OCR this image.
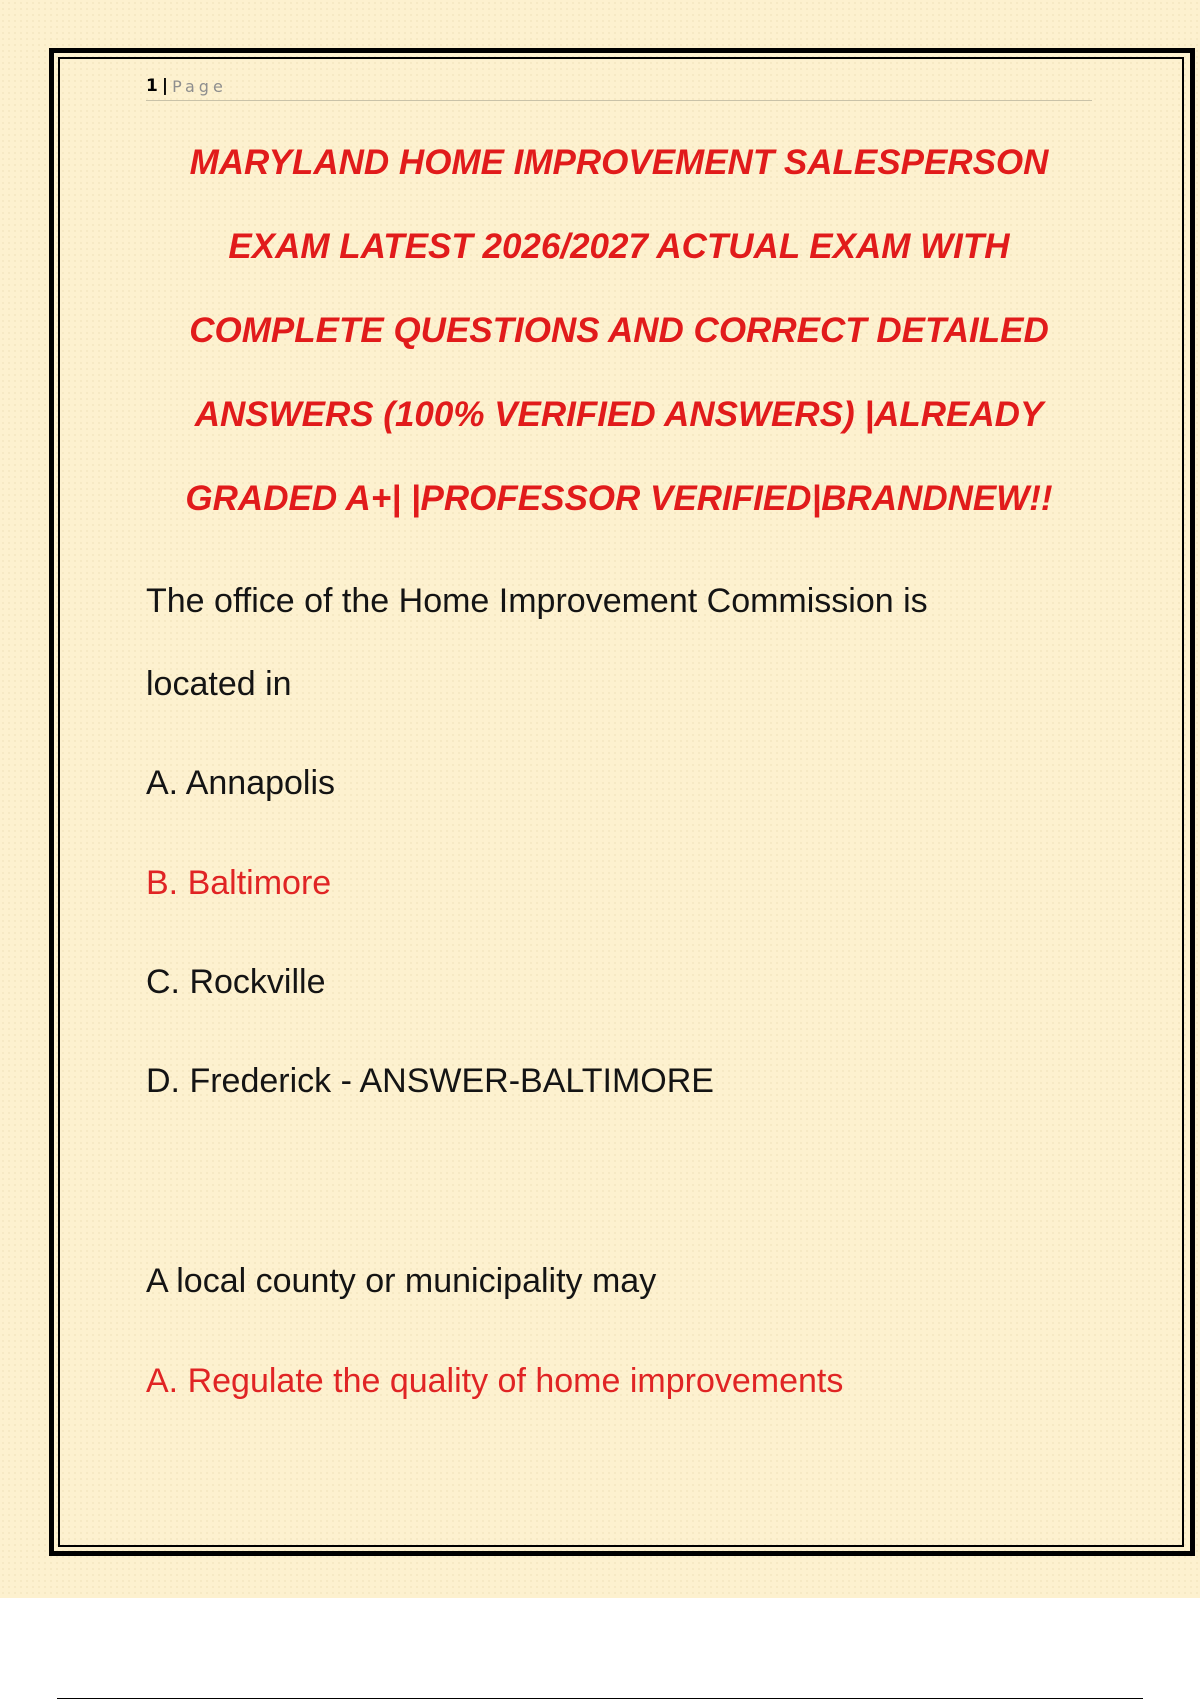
1 | Page
MARYLAND HOME IMPROVEMENT SALESPERSON
EXAM LATEST 2026/2027 ACTUAL EXAM WITH
COMPLETE QUESTIONS AND CORRECT DETAILED
ANSWERS (100% VERIFIED ANSWERS) |ALREADY
GRADED A+| |PROFESSOR VERIFIED|BRANDNEW!!
The office of the Home Improvement Commission is
located in
A. Annapolis
B. Baltimore
C. Rockville
D. Frederick - ANSWER-BALTIMORE
A local county or municipality may
A. Regulate the quality of home improvements
